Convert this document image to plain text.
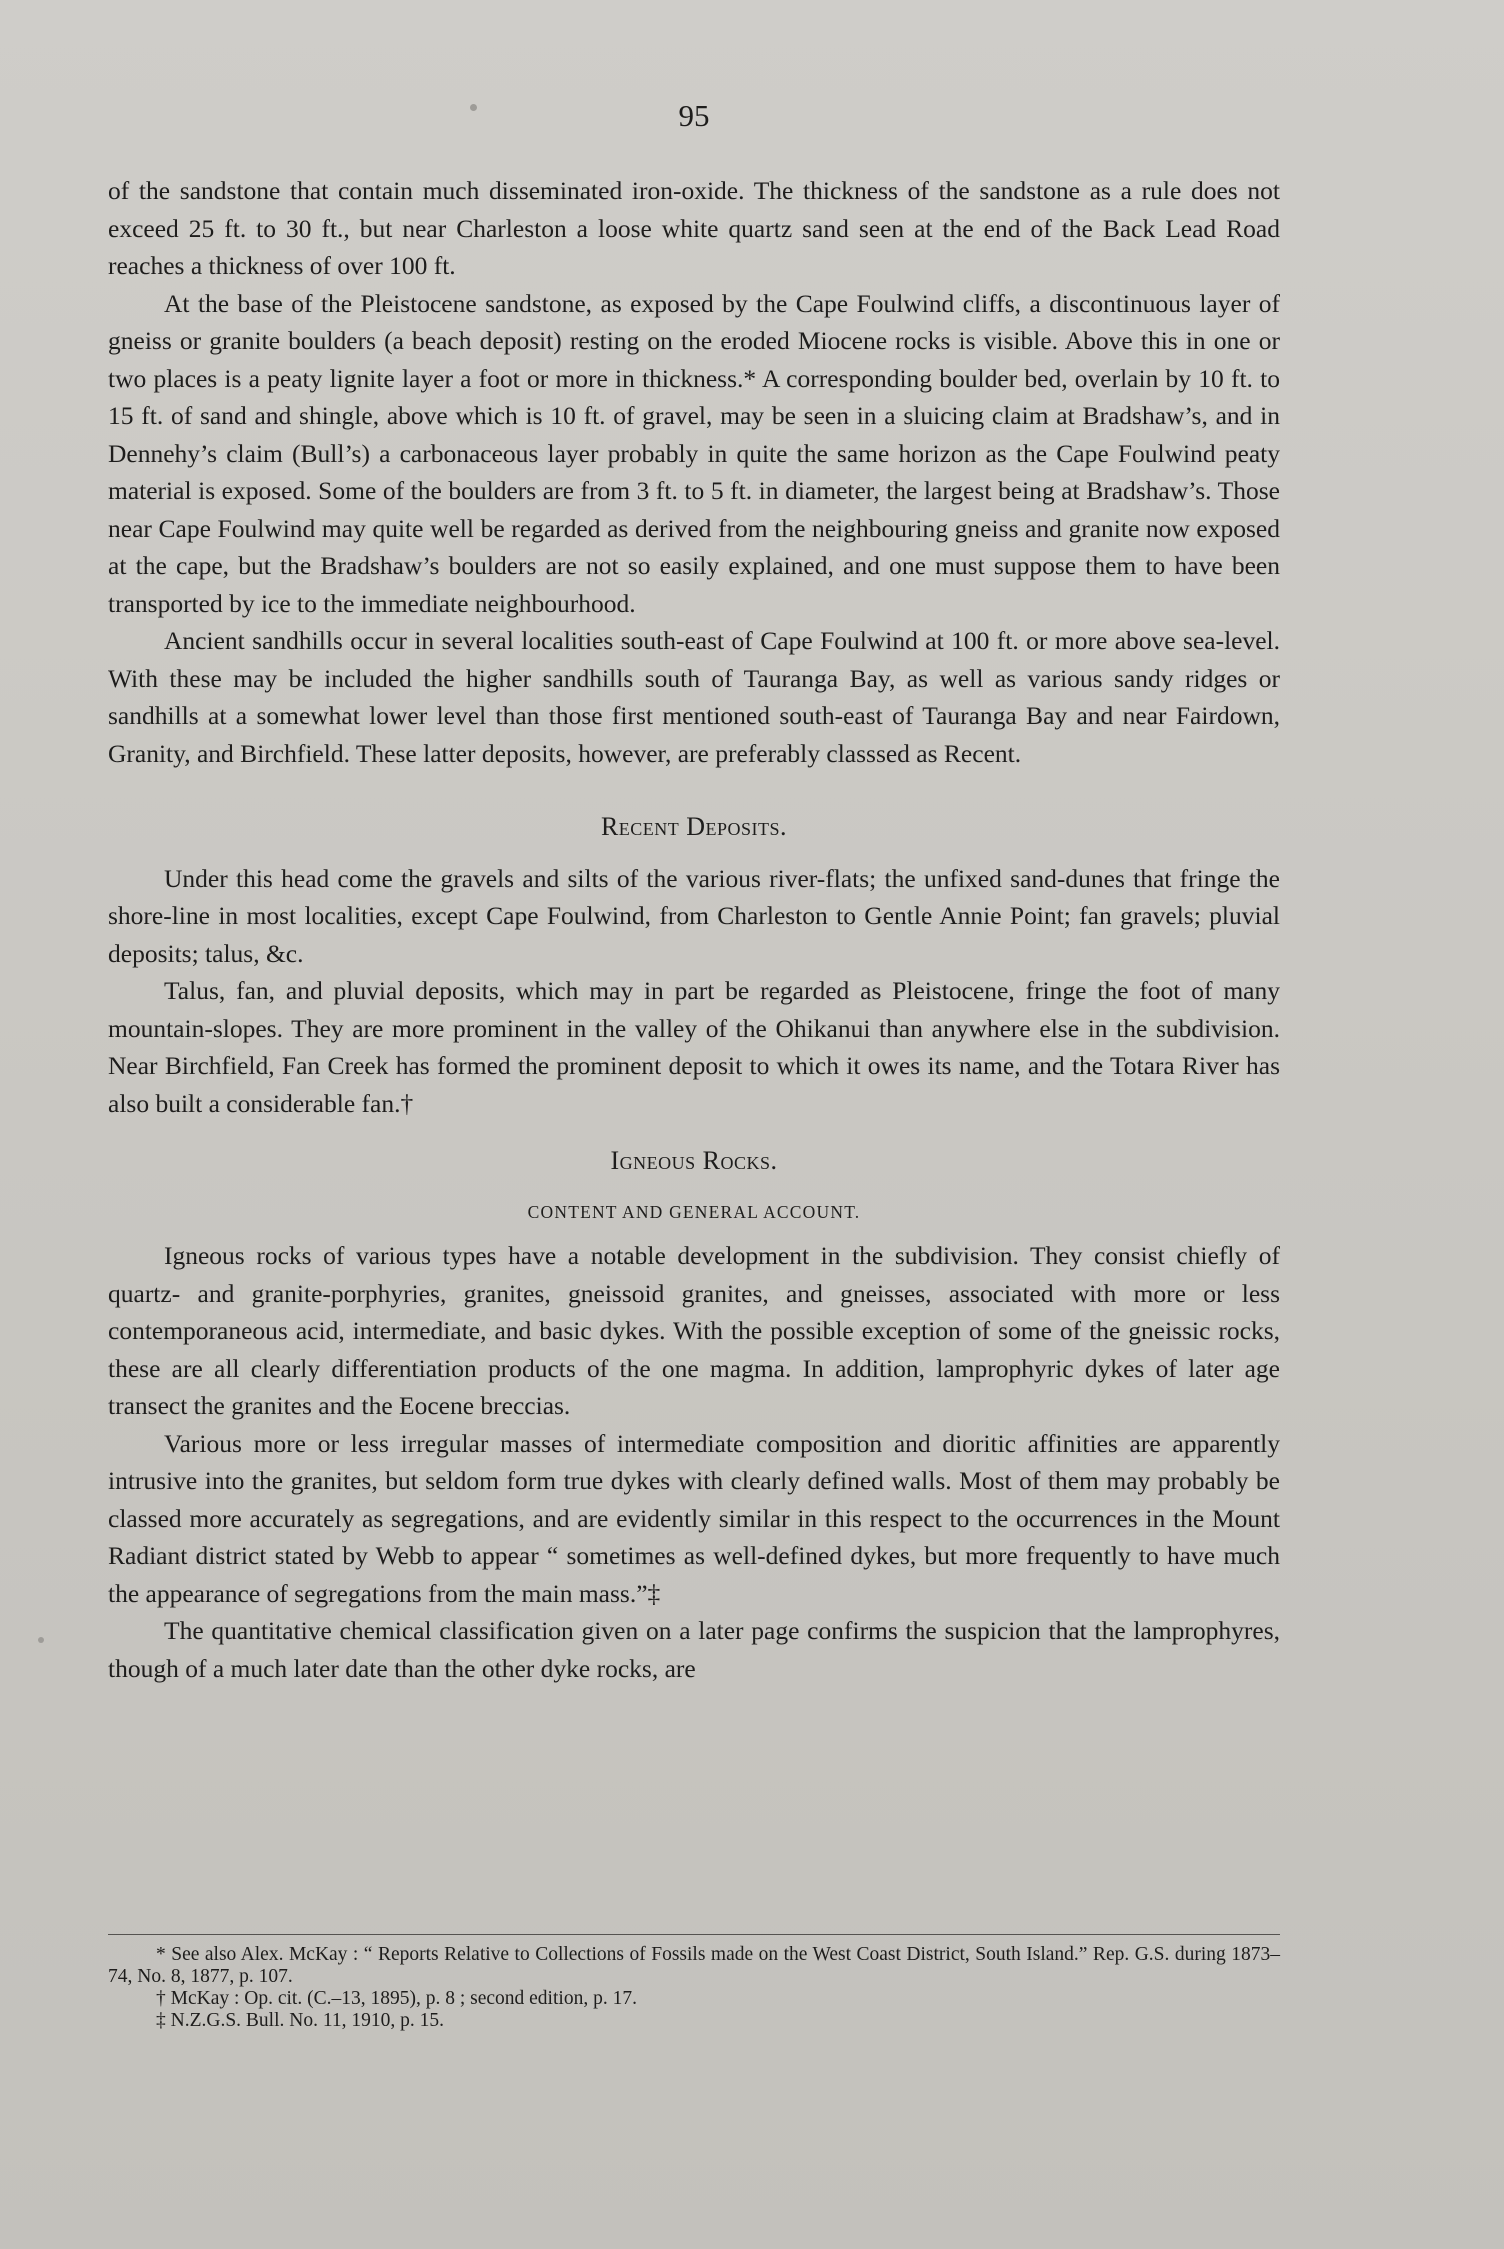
95

of the sandstone that contain much disseminated iron-oxide. The thickness of the sandstone as a rule does not exceed 25 ft. to 30 ft., but near Charleston a loose white quartz sand seen at the end of the Back Lead Road reaches a thickness of over 100 ft.

At the base of the Pleistocene sandstone, as exposed by the Cape Foulwind cliffs, a discontinuous layer of gneiss or granite boulders (a beach deposit) resting on the eroded Miocene rocks is visible. Above this in one or two places is a peaty lignite layer a foot or more in thickness.* A corresponding boulder bed, overlain by 10 ft. to 15 ft. of sand and shingle, above which is 10 ft. of gravel, may be seen in a sluicing claim at Bradshaw’s, and in Dennehy’s claim (Bull’s) a carbonaceous layer probably in quite the same horizon as the Cape Foulwind peaty material is exposed. Some of the boulders are from 3 ft. to 5 ft. in diameter, the largest being at Bradshaw’s. Those near Cape Foulwind may quite well be regarded as derived from the neighbouring gneiss and granite now exposed at the cape, but the Bradshaw’s boulders are not so easily explained, and one must suppose them to have been transported by ice to the immediate neighbourhood.

Ancient sandhills occur in several localities south-east of Cape Foulwind at 100 ft. or more above sea-level. With these may be included the higher sandhills south of Tauranga Bay, as well as various sandy ridges or sandhills at a somewhat lower level than those first mentioned south-east of Tauranga Bay and near Fairdown, Granity, and Birchfield. These latter deposits, however, are preferably classsed as Recent.

Recent Deposits.

Under this head come the gravels and silts of the various river-flats; the unfixed sand-dunes that fringe the shore-line in most localities, except Cape Foulwind, from Charleston to Gentle Annie Point; fan gravels; pluvial deposits; talus, &c.

Talus, fan, and pluvial deposits, which may in part be regarded as Pleistocene, fringe the foot of many mountain-slopes. They are more prominent in the valley of the Ohikanui than anywhere else in the subdivision. Near Birchfield, Fan Creek has formed the prominent deposit to which it owes its name, and the Totara River has also built a considerable fan.†

Igneous Rocks.
CONTENT AND GENERAL ACCOUNT.

Igneous rocks of various types have a notable development in the subdivision. They consist chiefly of quartz- and granite-porphyries, granites, gneissoid granites, and gneisses, associated with more or less contemporaneous acid, intermediate, and basic dykes. With the possible exception of some of the gneissic rocks, these are all clearly differentiation products of the one magma. In addition, lamprophyric dykes of later age transect the granites and the Eocene breccias.

Various more or less irregular masses of intermediate composition and dioritic affinities are apparently intrusive into the granites, but seldom form true dykes with clearly defined walls. Most of them may probably be classed more accurately as segregations, and are evidently similar in this respect to the occurrences in the Mount Radiant district stated by Webb to appear “ sometimes as well-defined dykes, but more frequently to have much the appearance of segregations from the main mass.”‡

The quantitative chemical classification given on a later page confirms the suspicion that the lamprophyres, though of a much later date than the other dyke rocks, are

* See also Alex. McKay : “ Reports Relative to Collections of Fossils made on the West Coast District, South Island.” Rep. G.S. during 1873–74, No. 8, 1877, p. 107.

† McKay : Op. cit. (C.–13, 1895), p. 8 ; second edition, p. 17.

‡ N.Z.G.S. Bull. No. 11, 1910, p. 15.
